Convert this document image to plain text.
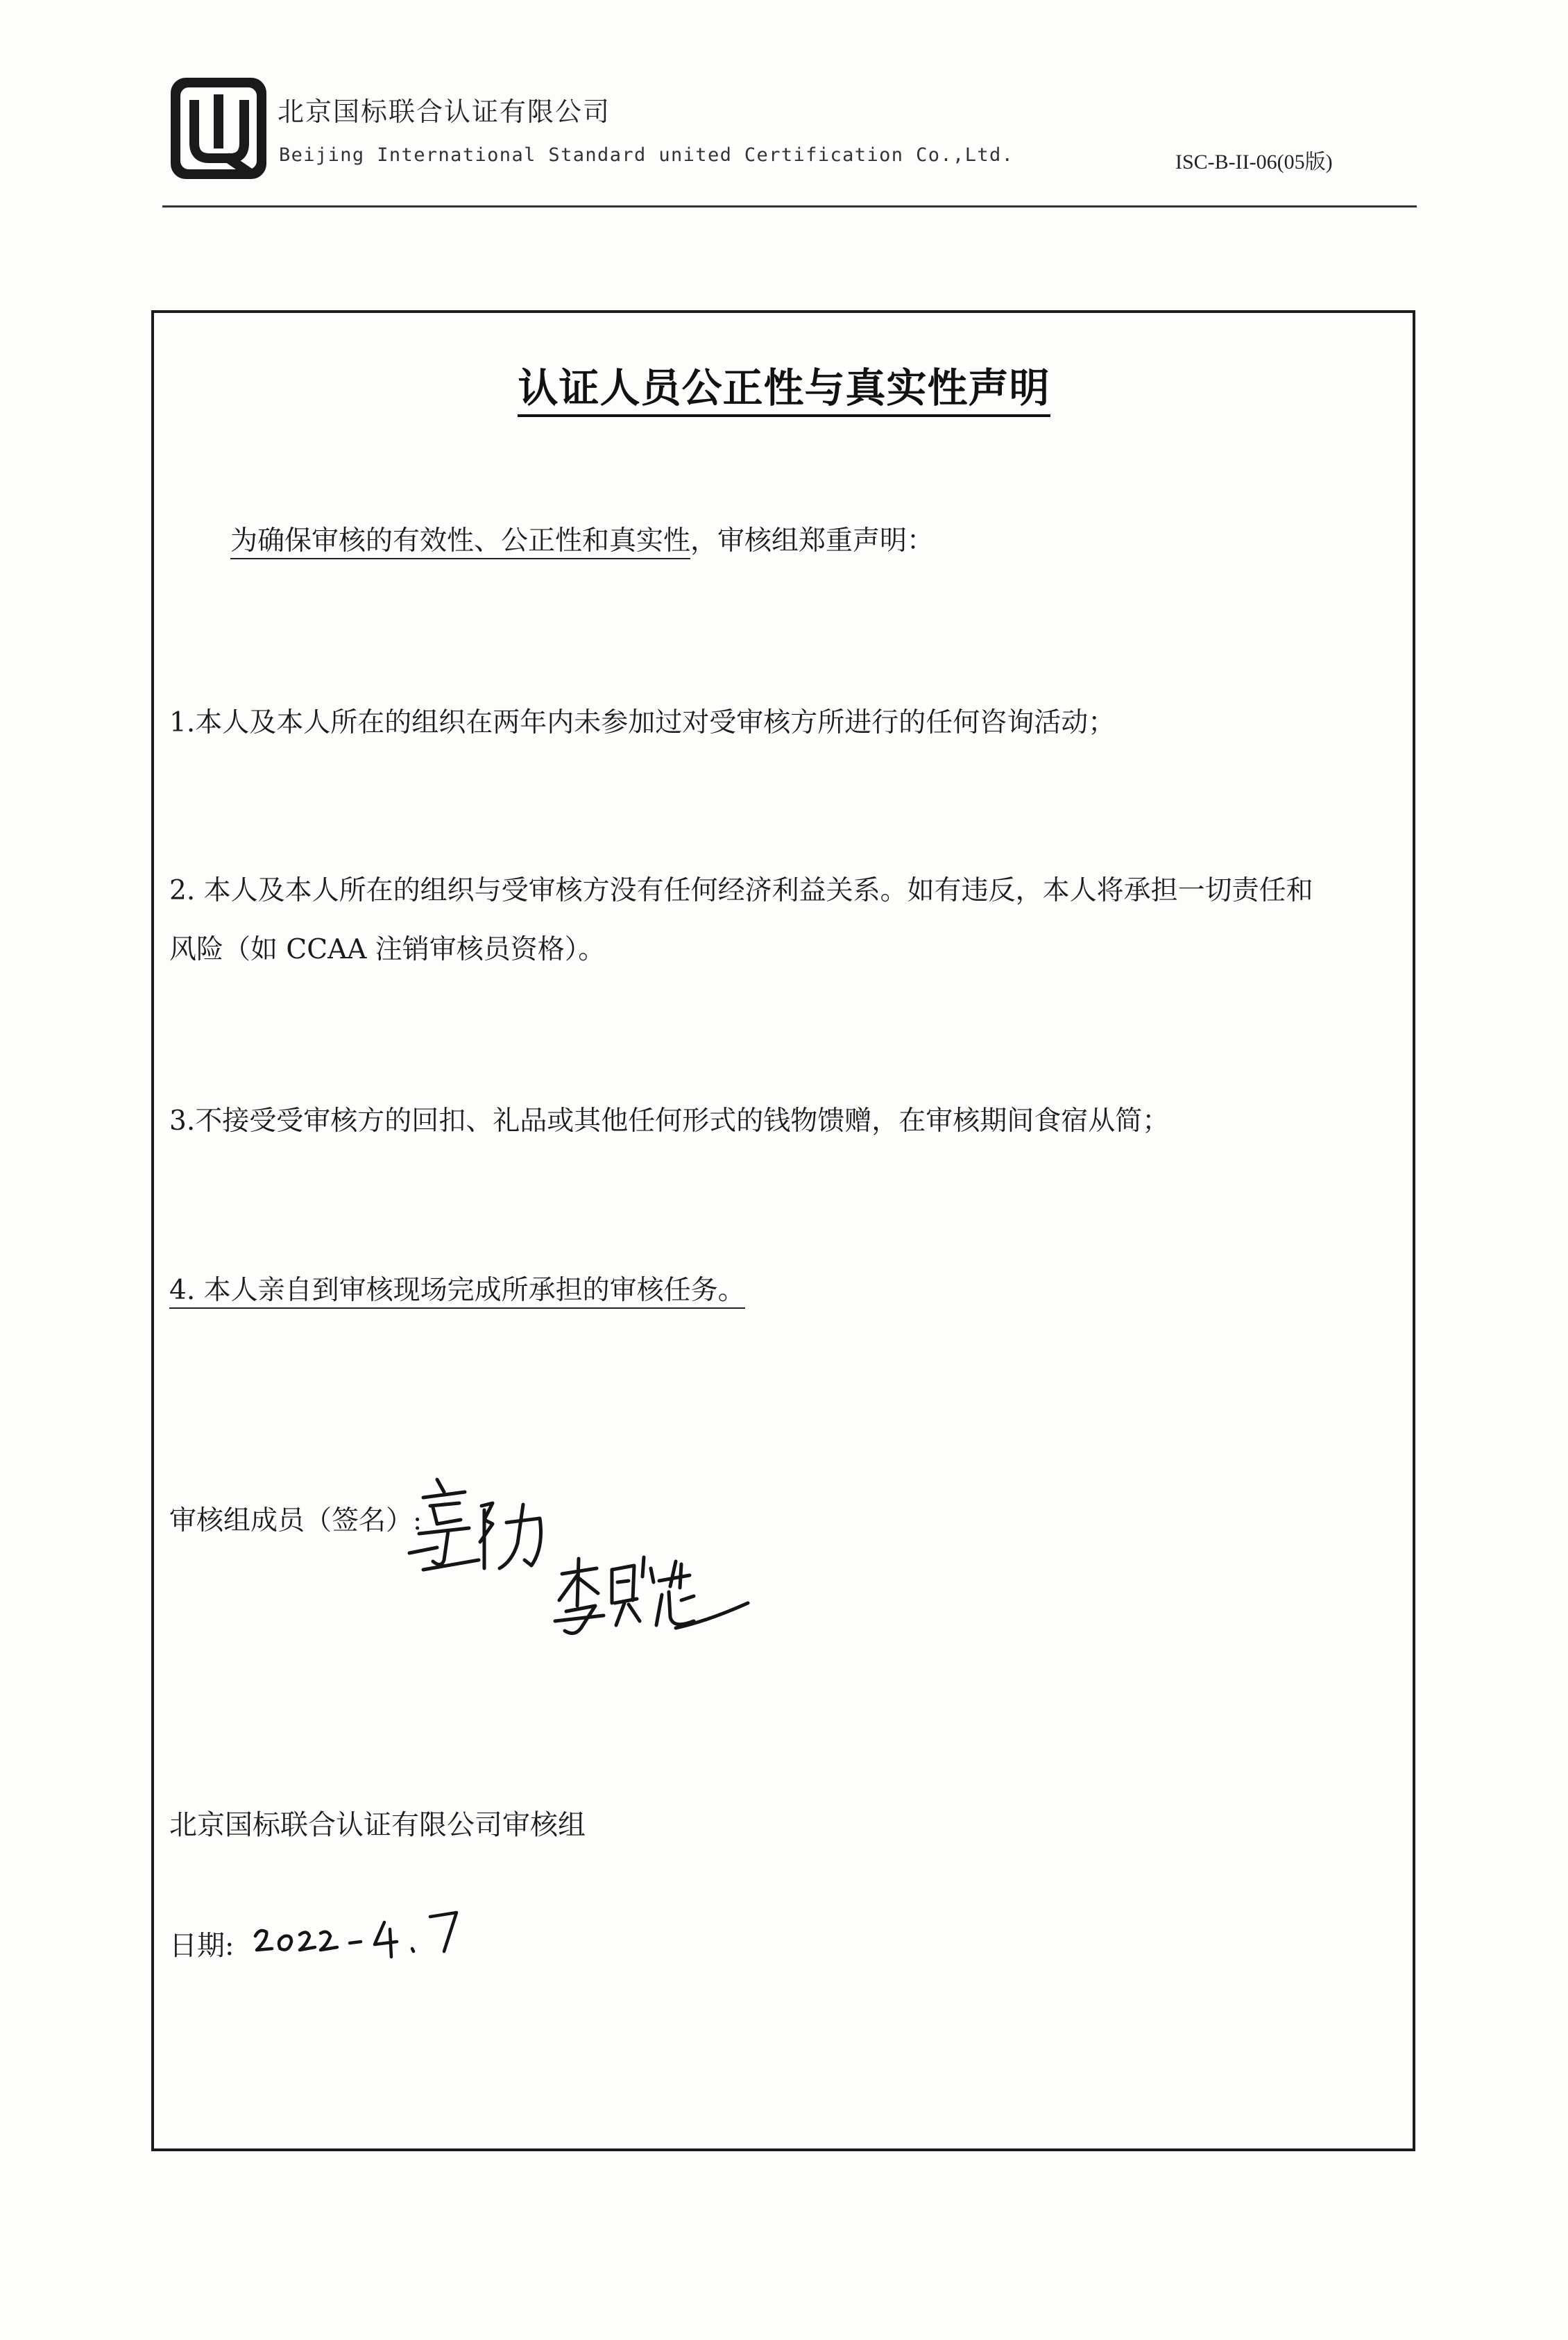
北京国标联合认证有限公司
Beijing International Standard united Certification Co.,Ltd.	ISC-B-II-06(05版)
认证人员公正性与真实性声明
为确保审核的有效性、公正性和真实性，审核组郑重声明：
1.本人及本人所在的组织在两年内未参加过对受审核方所进行的任何咨询活动；
2. 本人及本人所在的组织与受审核方没有任何经济利益关系。如有违反，本人将承担一切责任和
风险（如 CCAA 注销审核员资格）。
3.不接受受审核方的回扣、礼品或其他任何形式的钱物馈赠，在审核期间食宿从简；
4. 本人亲自到审核现场完成所承担的审核任务。
审核组成员（签名）:
北京国标联合认证有限公司审核组
日期:
